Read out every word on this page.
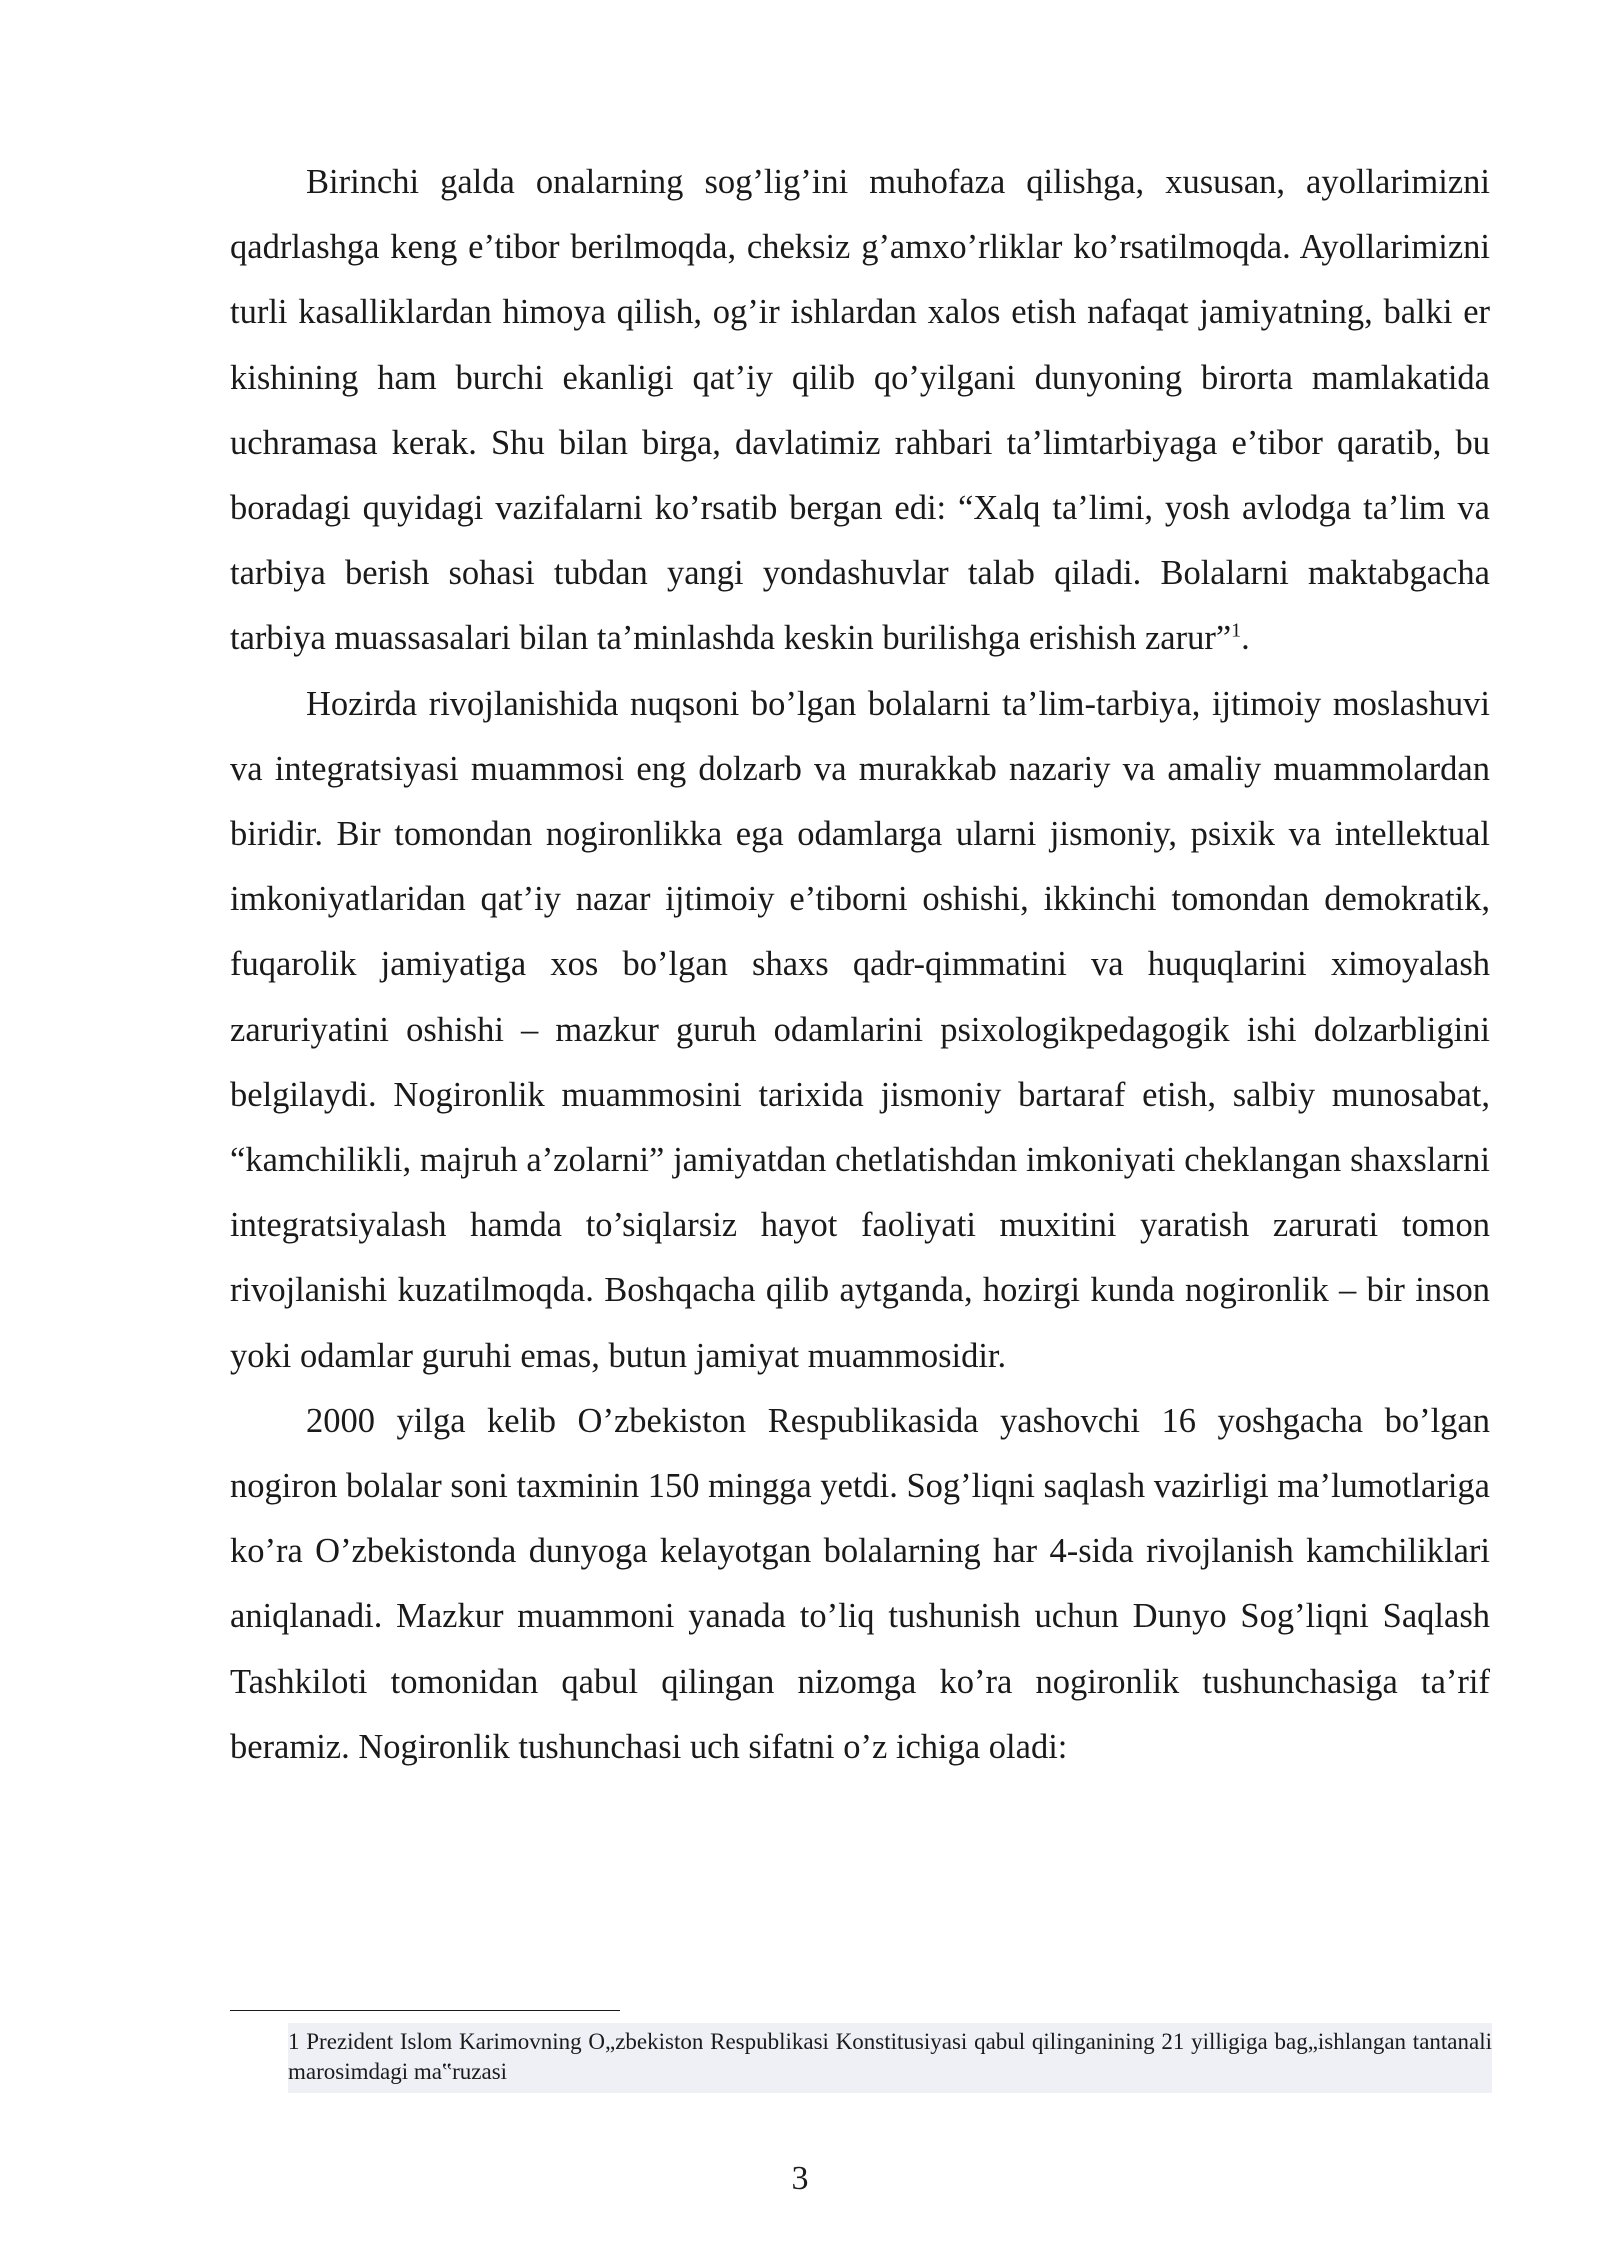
Birinchi galda onalarning sog’lig’ini muhofaza qilishga, xususan, ayollarimizni qadrlashga keng e’tibor berilmoqda, cheksiz g’amxo’rliklar ko’rsatilmoqda. Ayollarimizni turli kasalliklardan himoya qilish, og’ir ishlardan xalos etish nafaqat jamiyatning, balki er kishining ham burchi ekanligi qat’iy qilib qo’yilgani dunyoning birorta mamlakatida uchramasa kerak. Shu bilan birga, davlatimiz rahbari ta’limtarbiyaga e’tibor qaratib, bu boradagi quyidagi vazifalarni ko’rsatib bergan edi: “Xalq ta’limi, yosh avlodga ta’lim va tarbiya berish sohasi tubdan yangi yondashuvlar talab qiladi. Bolalarni maktabgacha tarbiya muassasalari bilan ta’minlashda keskin burilishga erishish zarur”$^1$.

Hozirda rivojlanishida nuqsoni bo’lgan bolalarni ta’lim-tarbiya, ijtimoiy moslashuvi va integratsiyasi muammosi eng dolzarb va murakkab nazariy va amaliy muammolardan biridir. Bir tomondan nogironlikka ega odamlarga ularni jismoniy, psixik va intellektual imkoniyatlaridan qat’iy nazar ijtimoiy e’tiborni oshishi, ikkinchi tomondan demokratik, fuqarolik jamiyatiga xos bo’lgan shaxs qadr-qimmatini va huquqlarini ximoyalash zaruriyatini oshishi – mazkur guruh odamlarini psixologikpedagogik ishi dolzarbligini belgilaydi. Nogironlik muammosini tarixida jismoniy bartaraf etish, salbiy munosabat, “kamchilikli, majruh a’zolarni” jamiyatdan chetlatishdan imkoniyati cheklangan shaxslarni integratsiyalash hamda to’siqlarsiz hayot faoliyati muxitini yaratish zarurati tomon rivojlanishi kuzatilmoqda. Boshqacha qilib aytganda, hozirgi kunda nogironlik – bir inson yoki odamlar guruhi emas, butun jamiyat muammosidir.

2000 yilga kelib O’zbekiston Respublikasida yashovchi 16 yoshgacha bo’lgan nogiron bolalar soni taxminin 150 mingga yetdi. Sog’liqni saqlash vazirligi ma’lumotlariga ko’ra O’zbekistonda dunyoga kelayotgan bolalarning har 4-sida rivojlanish kamchiliklari aniqlanadi. Mazkur muammoni yanada to’liq tushunish uchun Dunyo Sog’liqni Saqlash Tashkiloti tomonidan qabul qilingan nizomga ko’ra nogironlik tushunchasiga ta’rif beramiz. Nogironlik tushunchasi uch sifatni o’z ichiga oladi:

1 Prezident Islom Karimovning O„zbekiston Respublikasi Konstitusiyasi qabul qilinganining 21 yilligiga bag„ishlangan tantanali marosimdagi ma‟ruzasi
3
